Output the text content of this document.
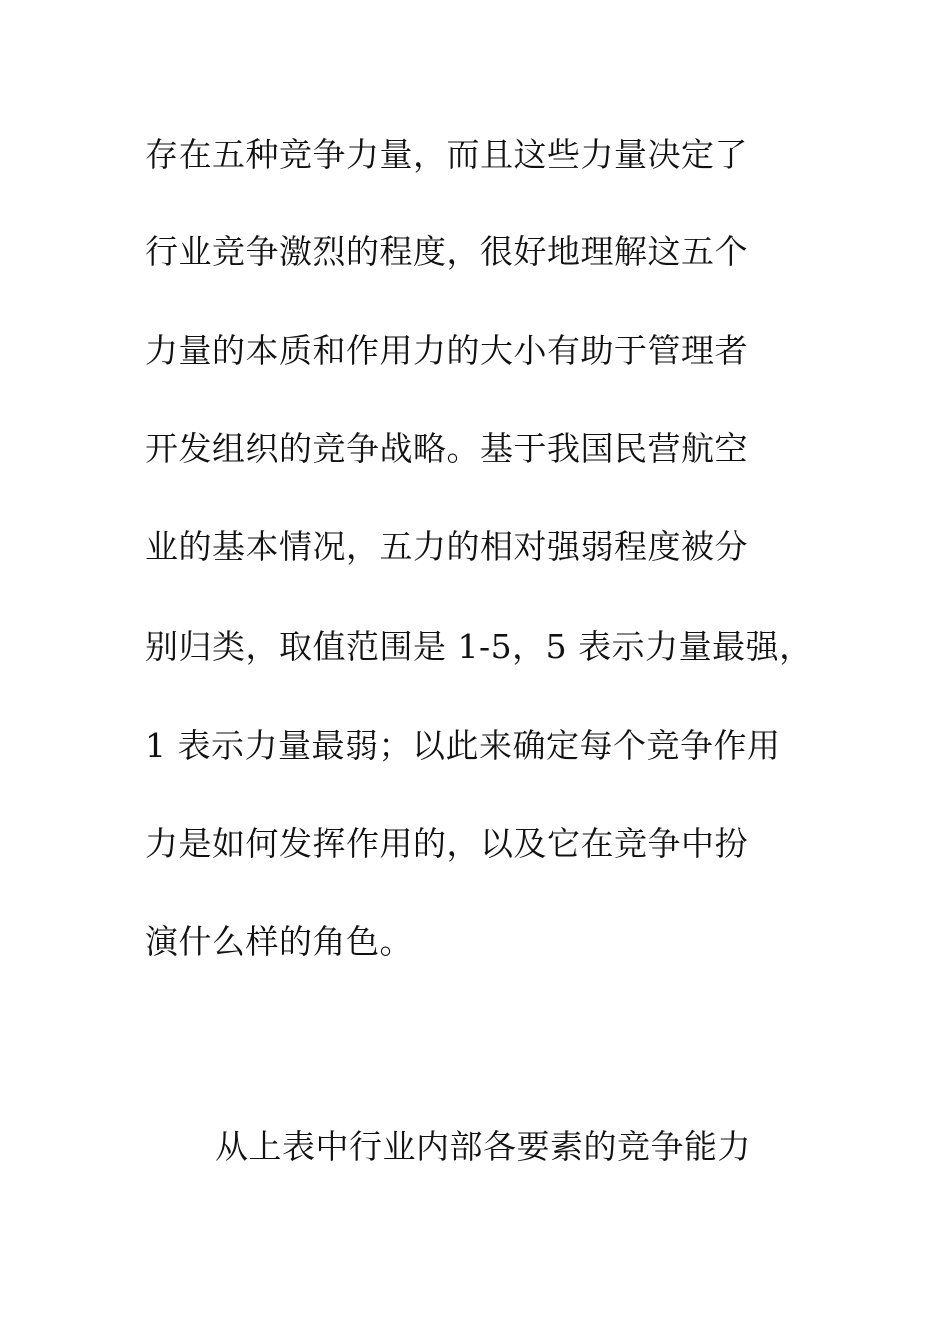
存在五种竞争力量，而且这些力量决定了
行业竞争激烈的程度，很好地理解这五个
力量的本质和作用力的大小有助于管理者
开发组织的竞争战略。基于我国民营航空
业的基本情况，五力的相对强弱程度被分
别归类，取值范围是 1-5，5 表示力量最强，
1 表示力量最弱；以此来确定每个竞争作用
力是如何发挥作用的，以及它在竞争中扮
演什么样的角色。
从上表中行业内部各要素的竞争能力
